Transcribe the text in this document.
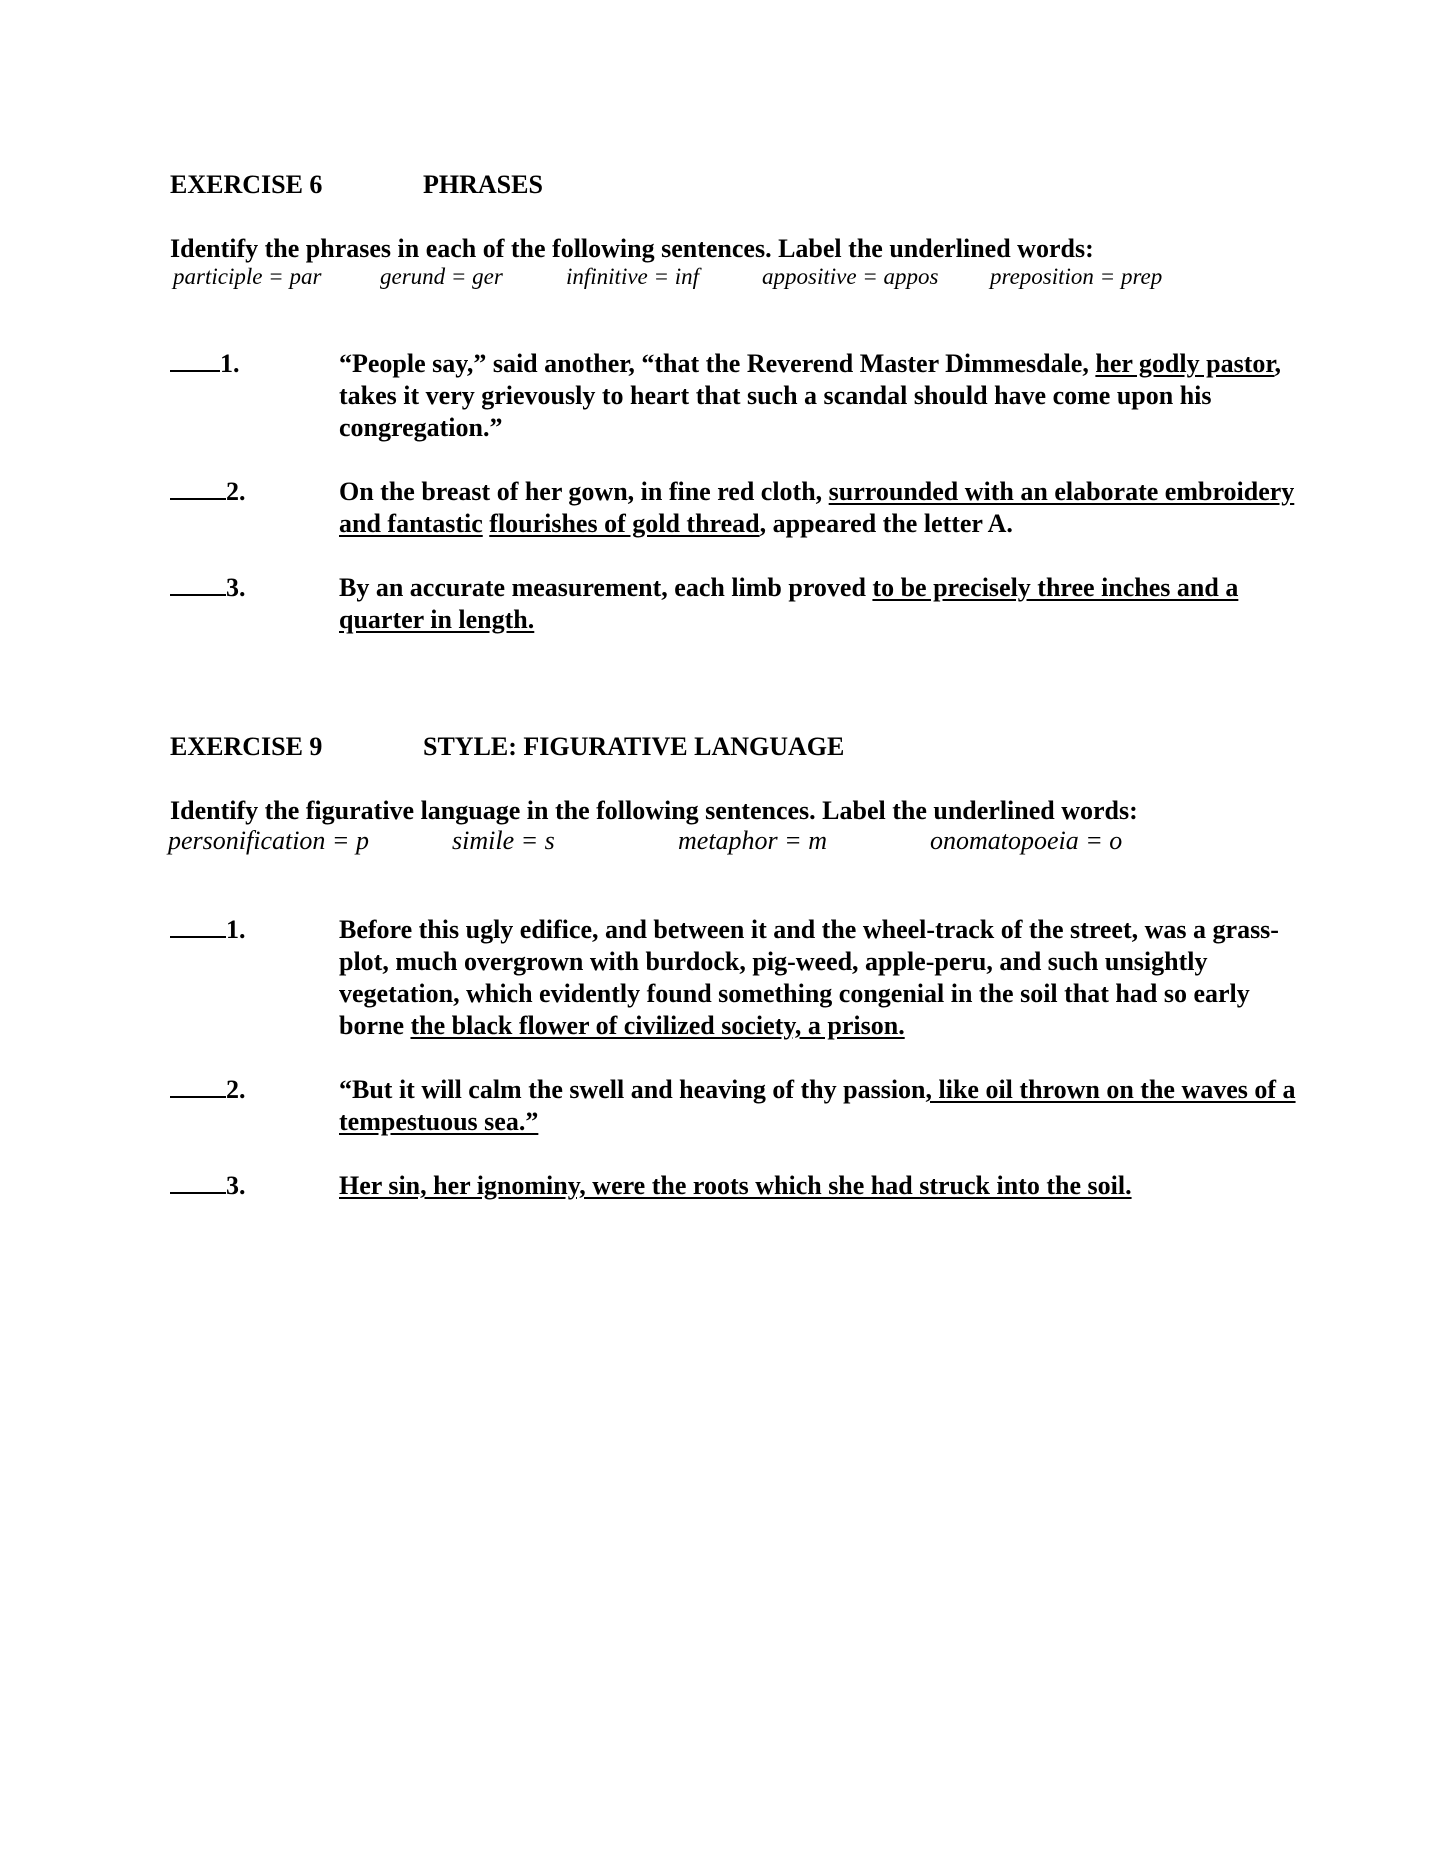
EXERCISE 6	PHRASES
Identify the phrases in each of the following sentences. Label the underlined words:
participle = par	gerund = ger	infinitive = inf	appositive = appos preposition = prep
1.	“People say,” said another, “that the Reverend Master Dimmesdale, her godly pastor, takes it very grievously to heart that such a scandal should have come upon his congregation.”
2.	On the breast of her gown, in fine red cloth, surrounded with an elaborate embroidery and fantastic flourishes of gold thread, appeared the letter A.
3.	By an accurate measurement, each limb proved to be precisely three inches and a quarter in length.
EXERCISE 9	STYLE: FIGURATIVE LANGUAGE
Identify the figurative language in the following sentences. Label the underlined words:
personification = p	simile = s	metaphor = m	onomatopoeia = o
1.	Before this ugly edifice, and between it and the wheel-track of the street, was a grass-plot, much overgrown with burdock, pig-weed, apple-peru, and such unsightly vegetation, which evidently found something congenial in the soil that had so early borne the black flower of civilized society, a prison.
2.	“But it will calm the swell and heaving of thy passion, like oil thrown on the waves of a tempestuous sea.”
3.	Her sin, her ignominy, were the roots which she had struck into the soil.
